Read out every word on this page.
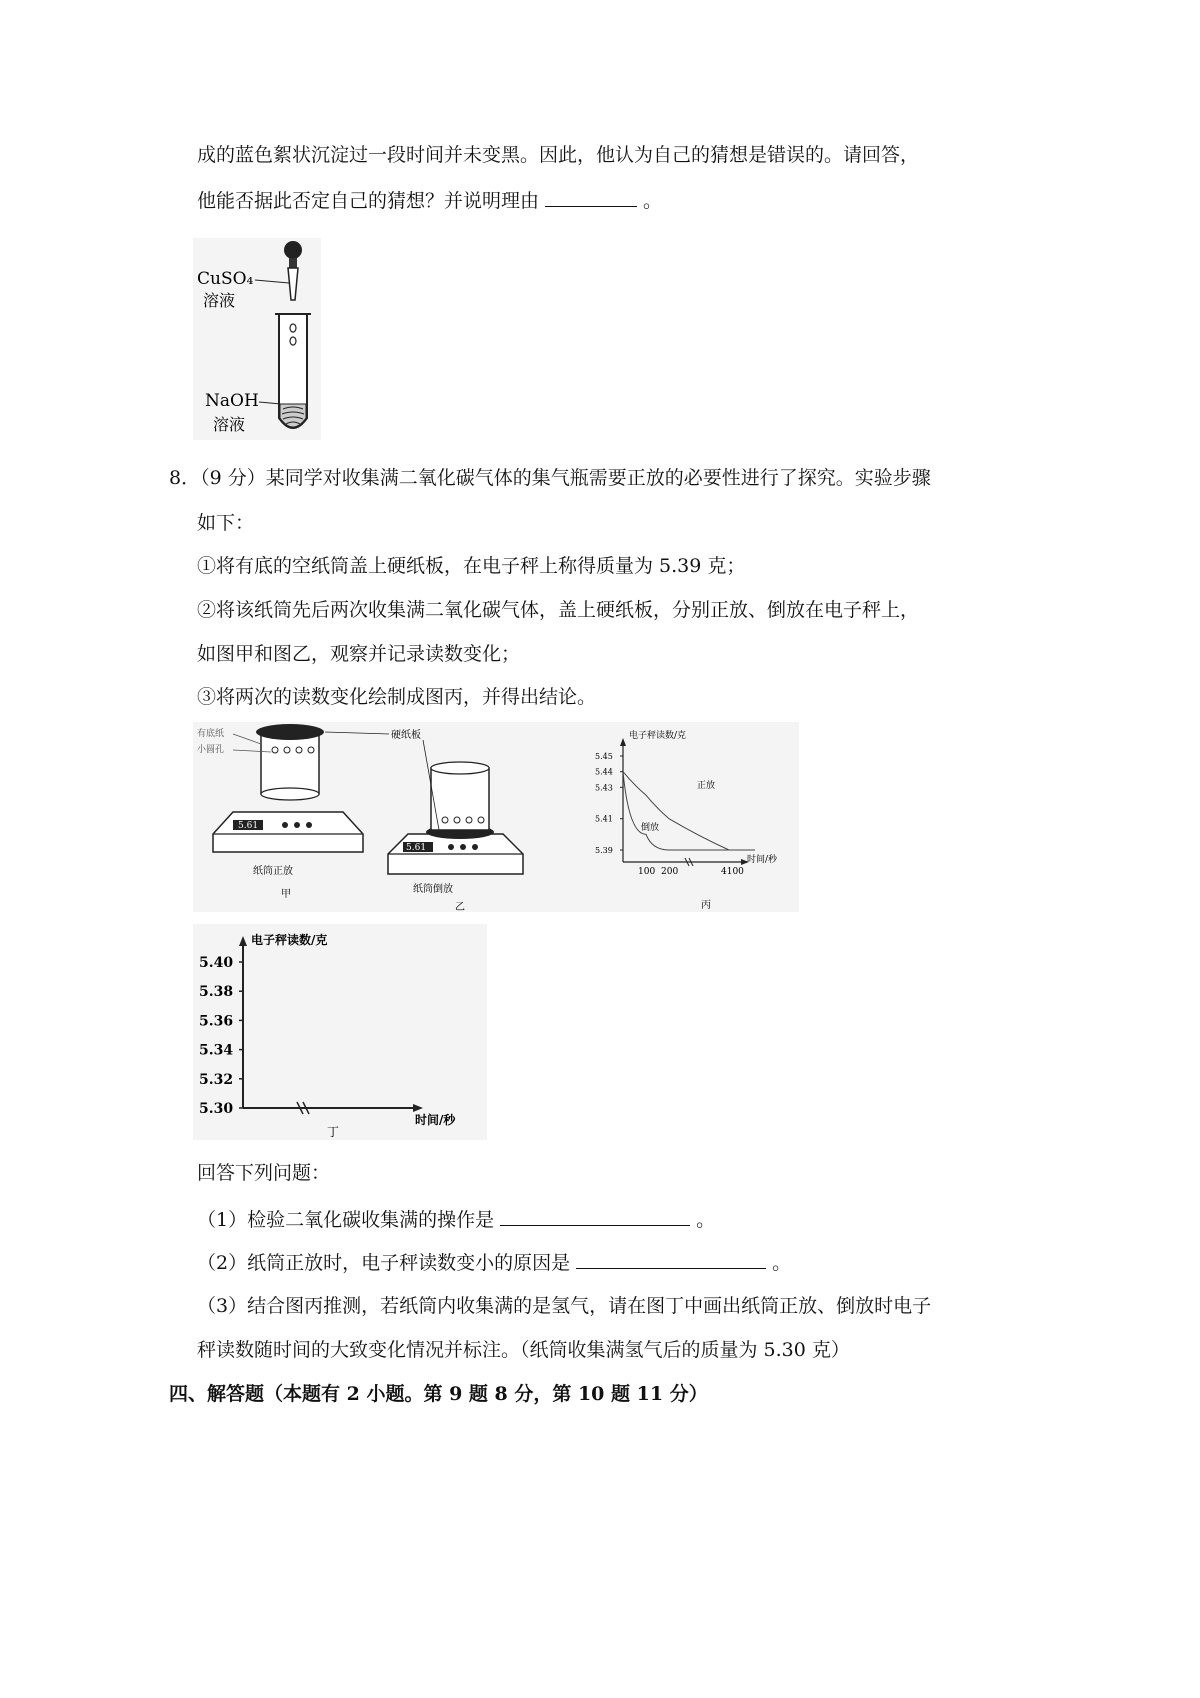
成的蓝色絮状沉淀过一段时间并未变黑。因此，他认为自己的猜想是错误的。请回答，
他能否据此否定自己的猜想？并说明理由	。
CuSO₄
溶液
NaOH
溶液
8．（9 分）某同学对收集满二氧化碳气体的集气瓶需要正放的必要性进行了探究。实验步骤
如下：
①将有底的空纸筒盖上硬纸板，在电子秤上称得质量为 5.39 克；
②将该纸筒先后两次收集满二氧化碳气体，盖上硬纸板，分别正放、倒放在电子秤上，
如图甲和图乙，观察并记录读数变化；
③将两次的读数变化绘制成图丙，并得出结论。
有底纸
小圆孔
5.61
纸筒正放
甲
硬纸板
5.61
纸筒倒放
乙
5.45
5.44
5.43
5.41
5.39
100 200	4100
电子秤读数/克
时间/秒
正放
倒放
丙
5.40
5.38
5.36
5.34
5.32
5.30
电子秤读数/克
时间/秒
丁
回答下列问题：
（1）检验二氧化碳收集满的操作是	。
（2）纸筒正放时，电子秤读数变小的原因是	。
（3）结合图丙推测，若纸筒内收集满的是氢气，请在图丁中画出纸筒正放、倒放时电子
秤读数随时间的大致变化情况并标注。（纸筒收集满氢气后的质量为 5.30 克）
四、解答题（本题有 2 小题。第 9 题 8 分，第 10 题 11 分）
